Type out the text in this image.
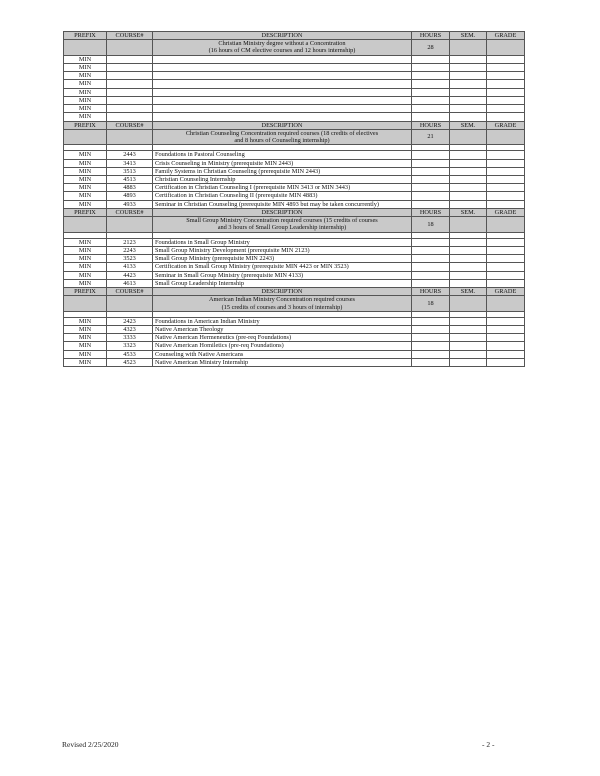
PREFIX	COURSE#	DESCRIPTION	HOURS	SEM.	GRADE

		Christian Ministry degree without a Concentration
(16 hours of CM elective courses and 12 hours internship)	28		
MIN					
MIN					
MIN					
MIN					
MIN					
MIN					
MIN					
MIN					
PREFIX	COURSE#	DESCRIPTION	HOURS	SEM.	GRADE

		Christian Counseling Concentration required courses (18 credits of electives
and 8 hours of Counseling internship)	21		

MIN	2443	Foundations in Pastoral Counseling			
MIN	3413	Crisis Counseling in Ministry (prerequisite MIN 2443)			
MIN	3513	Family Systems in Christian Counseling (prerequisite MIN 2443)			
MIN	4513	Christian Counseling Internship			
MIN	4883	Certification in Christian Counseling I (prerequisite MIN 3413 or MIN 3443)			
MIN	4893	Certification in Christian Counseling II (prerequisite MIN 4883)			
MIN	4933	Seminar in Christian Counseling (prerequisite MIN 4893 but may be taken concurrently)			
PREFIX	COURSE#	DESCRIPTION	HOURS	SEM.	GRADE

		Small Group Ministry Concentration required courses (15 credits of courses
and 3 hours of Small Group Leadership internship)	18		

MIN	2123	Foundations in Small Group Ministry			
MIN	2243	Small Group Ministry Development (prerequisite MIN 2123)			
MIN	3523	Small Group Ministry (prerequisite MIN 2243)			
MIN	4133	Certification in Small Group Ministry (prerequisite MIN 4423 or MIN 3523)			
MIN	4423	Seminar in Small Group Ministry (prerequisite MIN 4133)			
MIN	4613	Small Group Leadership Internship			
PREFIX	COURSE#	DESCRIPTION	HOURS	SEM.	GRADE

		American Indian Ministry Concentration required courses
(15 credits of courses and 3 hours of internship)	18		

MIN	2423	Foundations in American Indian Ministry			
MIN	4323	Native American Theology			
MIN	3333	Native American Hermeneutics (pre-req Foundations)			
MIN	3323	Native American Homiletics (pre-req Foundations)			
MIN	4533	Counseling with Native Americans			
MIN	4523	Native American Ministry Internship			
Revised 2/25/2020	- 2 -
